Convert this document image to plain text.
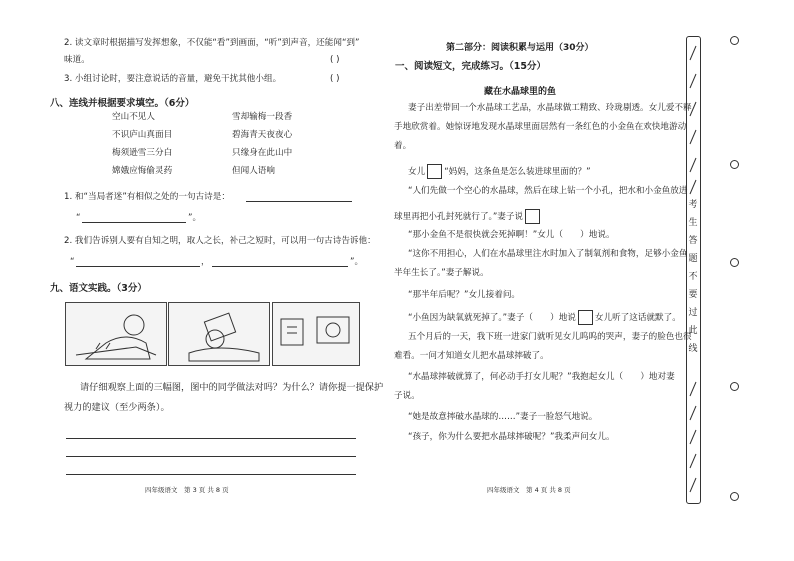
2. 读文章时根据描写发挥想象，不仅能“看”到画面，“听”到声音，还能闻“到”
味道。	( )
3. 小组讨论时，要注意说话的音量，避免干扰其他小组。	( )
八、连线并根据要求填空。（6分）
空山不见人
不识庐山真面目
梅须逊雪三分白
嫦娥应悔偷灵药
雪却输梅一段香
碧海青天夜夜心
只缘身在此山中
但闻人语响
1. 和“当局者迷”有相似之处的一句古诗是：
“	”。
2. 我们告诉别人要有自知之明，取人之长，补己之短时，可以用一句古诗告诉他：
“	，	”。
九、语文实践。（3分）
请仔细观察上面的三幅图，图中的同学做法对吗？为什么？请你提一提保护
视力的建议（至少两条）。
四年级语文　第 3 页 共 8 页
第二部分：阅读积累与运用（30分）
一、阅读短文，完成练习。（15分）
藏在水晶球里的鱼
妻子出差带回一个水晶球工艺品，水晶球做工精致、玲珑剔透。女儿爱不释
手地欣赏着。她惊讶地发现水晶球里面居然有一条红色的小金鱼在欢快地游动
着。
女儿 “妈妈，这条鱼是怎么装进球里面的？”
“人们先做一个空心的水晶球，然后在球上钻一个小孔，把水和小金鱼放进
球里再把小孔封死就行了。”妻子说
“那小金鱼不是很快就会死掉啊！”女儿（　　）地说。
“这你不用担心，人们在水晶球里注水时加入了制氧剂和食物，足够小金鱼
半年生长了。”妻子解说。
“那半年后呢？”女儿接着问。
“小鱼因为缺氧就死掉了。”妻子（　　）地说 女儿听了这话就默了。
五个月后的一天，我下班一进家门就听见女儿呜呜的哭声，妻子的脸色也很
难看。一问才知道女儿把水晶球摔破了。
“水晶球摔破就算了，何必动手打女儿呢？”我抱起女儿（　　）地对妻
子说。
“她是故意摔破水晶球的……”妻子一脸怒气地说。
“孩子，你为什么要把水晶球摔破呢？”我柔声问女儿。
四年级语文　第 4 页 共 8 页
考
生
答
题
不
要
过
此
线
